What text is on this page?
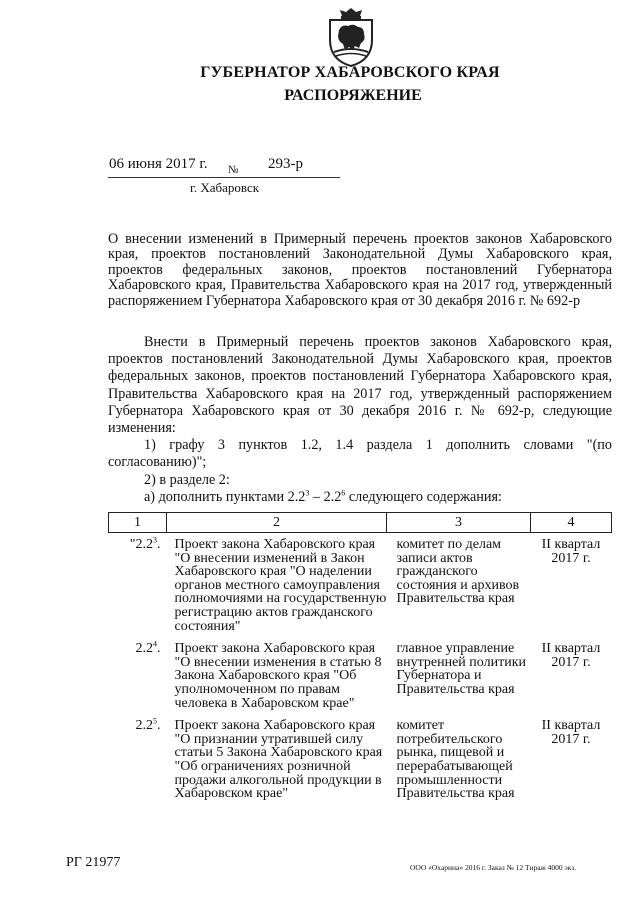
ГУБЕРНАТОР ХАБАРОВСКОГО КРАЯ
РАСПОРЯЖЕНИЕ
06 июня 2017 г. № 293-р
г. Хабаровск
О внесении изменений в Примерный перечень проектов законов Хабаровского края, проектов постановлений Законодательной Думы Хабаровского края, проектов федеральных законов, проектов постановлений Губернатора Хабаровского края, Правительства Хабаровского края на 2017 год, утвержденный распоряжением Губернатора Хабаровского края от 30 декабря 2016 г. № 692-р

Внести в Примерный перечень проектов законов Хабаровского края, проектов постановлений Законодательной Думы Хабаровского края, проектов федеральных законов, проектов постановлений Губернатора Хабаровского края, Правительства Хабаровского края на 2017 год, утвержденный распоряжением Губернатора Хабаровского края от 30 декабря 2016 г. № 692-р, следующие изменения:

1) графу 3 пунктов 1.2, 1.4 раздела 1 дополнить словами "(по согласованию)";

2) в разделе 2:

а) дополнить пунктами $2.2^3 - 2.2^6$ следующего содержания:

1	2	3	4
"$2.2^3$.	Проект закона Хабаровского края "О внесении изменений в Закон Хабаровского края "О наделении органов местного самоуправления полномочиями на государственную регистрацию актов гражданского состояния"	комитет по делам записи актов гражданского состояния и архивов Правительства края	II квартал 2017 г.
$2.2^4$.	Проект закона Хабаровского края "О внесении изменения в статью 8 Закона Хабаровского края "Об уполномоченном по правам человека в Хабаровском крае"	главное управление внутренней политики Губернатора и Правительства края	II квартал 2017 г.
$2.2^5$.	Проект закона Хабаровского края "О признании утратившей силу статьи 5 Закона Хабаровского края "Об ограничениях розничной продажи алкогольной продукции в Хабаровском крае"	комитет потребительского рынка, пищевой и перерабатывающей промышленности Правительства края	II квартал 2017 г.
РГ 21977	ООО «Охарина» 2016 г. Заказ № 12 Тираж 4000 экз.
